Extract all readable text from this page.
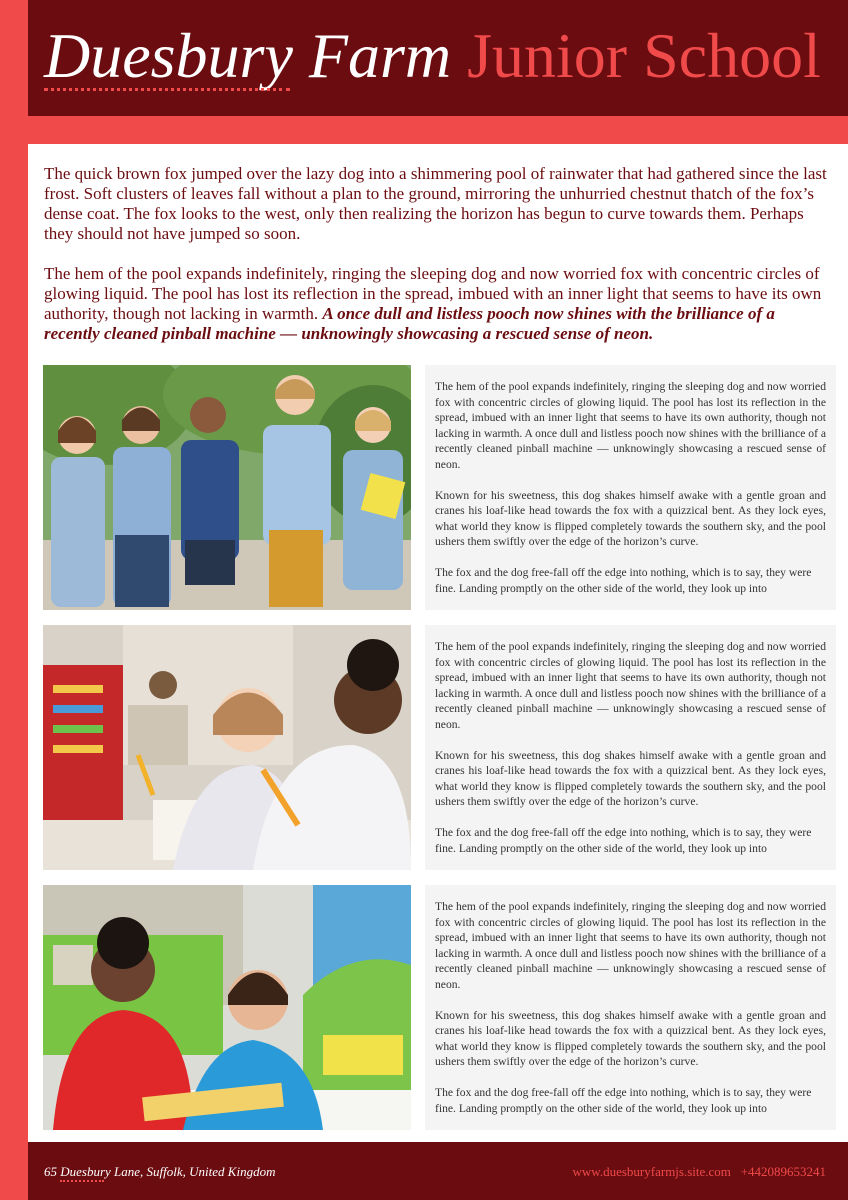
Duesbury Farm Junior School

The quick brown fox jumped over the lazy dog into a shimmering pool of rainwater that had gathered since the last frost. Soft clusters of leaves fall without a plan to the ground, mirroring the unhurried chestnut thatch of the fox’s dense coat. The fox looks to the west, only then realizing the horizon has begun to curve towards them. Perhaps they should not have jumped so soon.

The hem of the pool expands indefinitely, ringing the sleeping dog and now worried fox with concentric circles of glowing liquid. The pool has lost its reflection in the spread, imbued with an inner light that seems to have its own authority, though not lacking in warmth. A once dull and listless pooch now shines with the brilliance of a recently cleaned pinball machine — unknowingly showcasing a rescued sense of neon.

The hem of the pool expands indefinitely, ringing the sleeping dog and now worried fox with concentric circles of glowing liquid. The pool has lost its reflection in the spread, imbued with an inner light that seems to have its own authority, though not lacking in warmth. A once dull and listless pooch now shines with the brilliance of a recently cleaned pinball machine — unknowingly showcasing a rescued sense of neon.

Known for his sweetness, this dog shakes himself awake with a gentle groan and cranes his loaf-like head towards the fox with a quizzical bent. As they lock eyes, what world they know is flipped completely towards the southern sky, and the pool ushers them swiftly over the edge of the horizon’s curve.

The fox and the dog free-fall off the edge into nothing, which is to say, they were fine. Landing promptly on the other side of the world, they look up into

The hem of the pool expands indefinitely, ringing the sleeping dog and now worried fox with concentric circles of glowing liquid. The pool has lost its reflection in the spread, imbued with an inner light that seems to have its own authority, though not lacking in warmth. A once dull and listless pooch now shines with the brilliance of a recently cleaned pinball machine — unknowingly showcasing a rescued sense of neon.

Known for his sweetness, this dog shakes himself awake with a gentle groan and cranes his loaf-like head towards the fox with a quizzical bent. As they lock eyes, what world they know is flipped completely towards the southern sky, and the pool ushers them swiftly over the edge of the horizon’s curve.

The fox and the dog free-fall off the edge into nothing, which is to say, they were fine. Landing promptly on the other side of the world, they look up into

The hem of the pool expands indefinitely, ringing the sleeping dog and now worried fox with concentric circles of glowing liquid. The pool has lost its reflection in the spread, imbued with an inner light that seems to have its own authority, though not lacking in warmth. A once dull and listless pooch now shines with the brilliance of a recently cleaned pinball machine — unknowingly showcasing a rescued sense of neon.

Known for his sweetness, this dog shakes himself awake with a gentle groan and cranes his loaf-like head towards the fox with a quizzical bent. As they lock eyes, what world they know is flipped completely towards the southern sky, and the pool ushers them swiftly over the edge of the horizon’s curve.

The fox and the dog free-fall off the edge into nothing, which is to say, they were fine. Landing promptly on the other side of the world, they look up into

65 Duesbury Lane, Suffolk, United Kingdom	www.duesburyfarmjs.site.com +442089653241
